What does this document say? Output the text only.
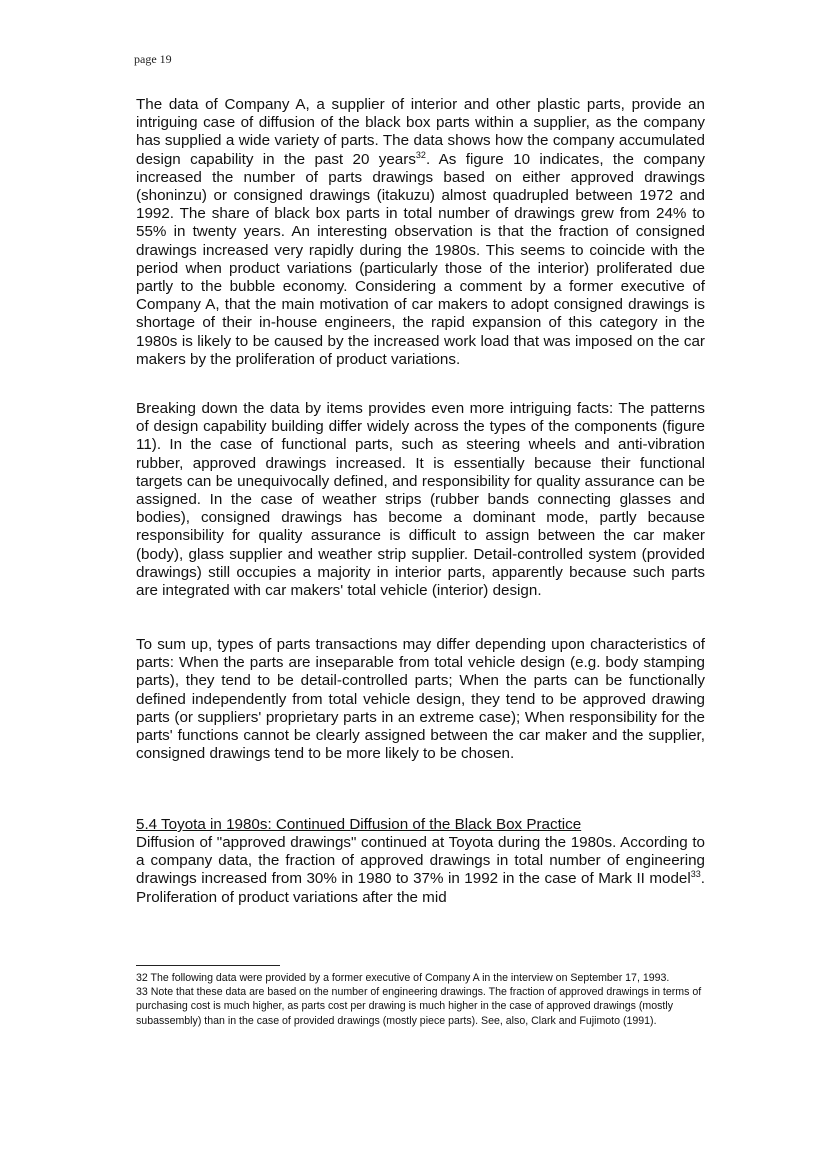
page 19

The data of Company A, a supplier of interior and other plastic parts, provide an intriguing case of diffusion of the black box parts within a supplier, as the company has supplied a wide variety of parts. The data shows how the company accumulated design capability in the past 20 years$^{32}$. As figure 10 indicates, the company increased the number of parts drawings based on either approved drawings (shoninzu) or consigned drawings (itakuzu) almost quadrupled between 1972 and 1992. The share of black box parts in total number of drawings grew from 24% to 55% in twenty years. An interesting observation is that the fraction of consigned drawings increased very rapidly during the 1980s. This seems to coincide with the period when product variations (particularly those of the interior) proliferated due partly to the bubble economy. Considering a comment by a former executive of Company A, that the main motivation of car makers to adopt consigned drawings is shortage of their in-house engineers, the rapid expansion of this category in the 1980s is likely to be caused by the increased work load that was imposed on the car makers by the proliferation of product variations.

Breaking down the data by items provides even more intriguing facts: The patterns of design capability building differ widely across the types of the components (figure 11). In the case of functional parts, such as steering wheels and anti-vibration rubber, approved drawings increased. It is essentially because their functional targets can be unequivocally defined, and responsibility for quality assurance can be assigned. In the case of weather strips (rubber bands connecting glasses and bodies), consigned drawings has become a dominant mode, partly because responsibility for quality assurance is difficult to assign between the car maker (body), glass supplier and weather strip supplier. Detail-controlled system (provided drawings) still occupies a majority in interior parts, apparently because such parts are integrated with car makers' total vehicle (interior) design.

To sum up, types of parts transactions may differ depending upon characteristics of parts: When the parts are inseparable from total vehicle design (e.g. body stamping parts), they tend to be detail-controlled parts; When the parts can be functionally defined independently from total vehicle design, they tend to be approved drawing parts (or suppliers' proprietary parts in an extreme case); When responsibility for the parts' functions cannot be clearly assigned between the car maker and the supplier, consigned drawings tend to be more likely to be chosen.

5.4 Toyota in 1980s: Continued Diffusion of the Black Box Practice

Diffusion of "approved drawings" continued at Toyota during the 1980s. According to a company data, the fraction of approved drawings in total number of engineering drawings increased from 30% in 1980 to 37% in 1992 in the case of Mark II model$^{33}$. Proliferation of product variations after the mid

32 The following data were provided by a former executive of Company A in the interview on September 17, 1993.

33 Note that these data are based on the number of engineering drawings. The fraction of approved drawings in terms of purchasing cost is much higher, as parts cost per drawing is much higher in the case of approved drawings (mostly subassembly) than in the case of provided drawings (mostly piece parts). See, also, Clark and Fujimoto (1991).
